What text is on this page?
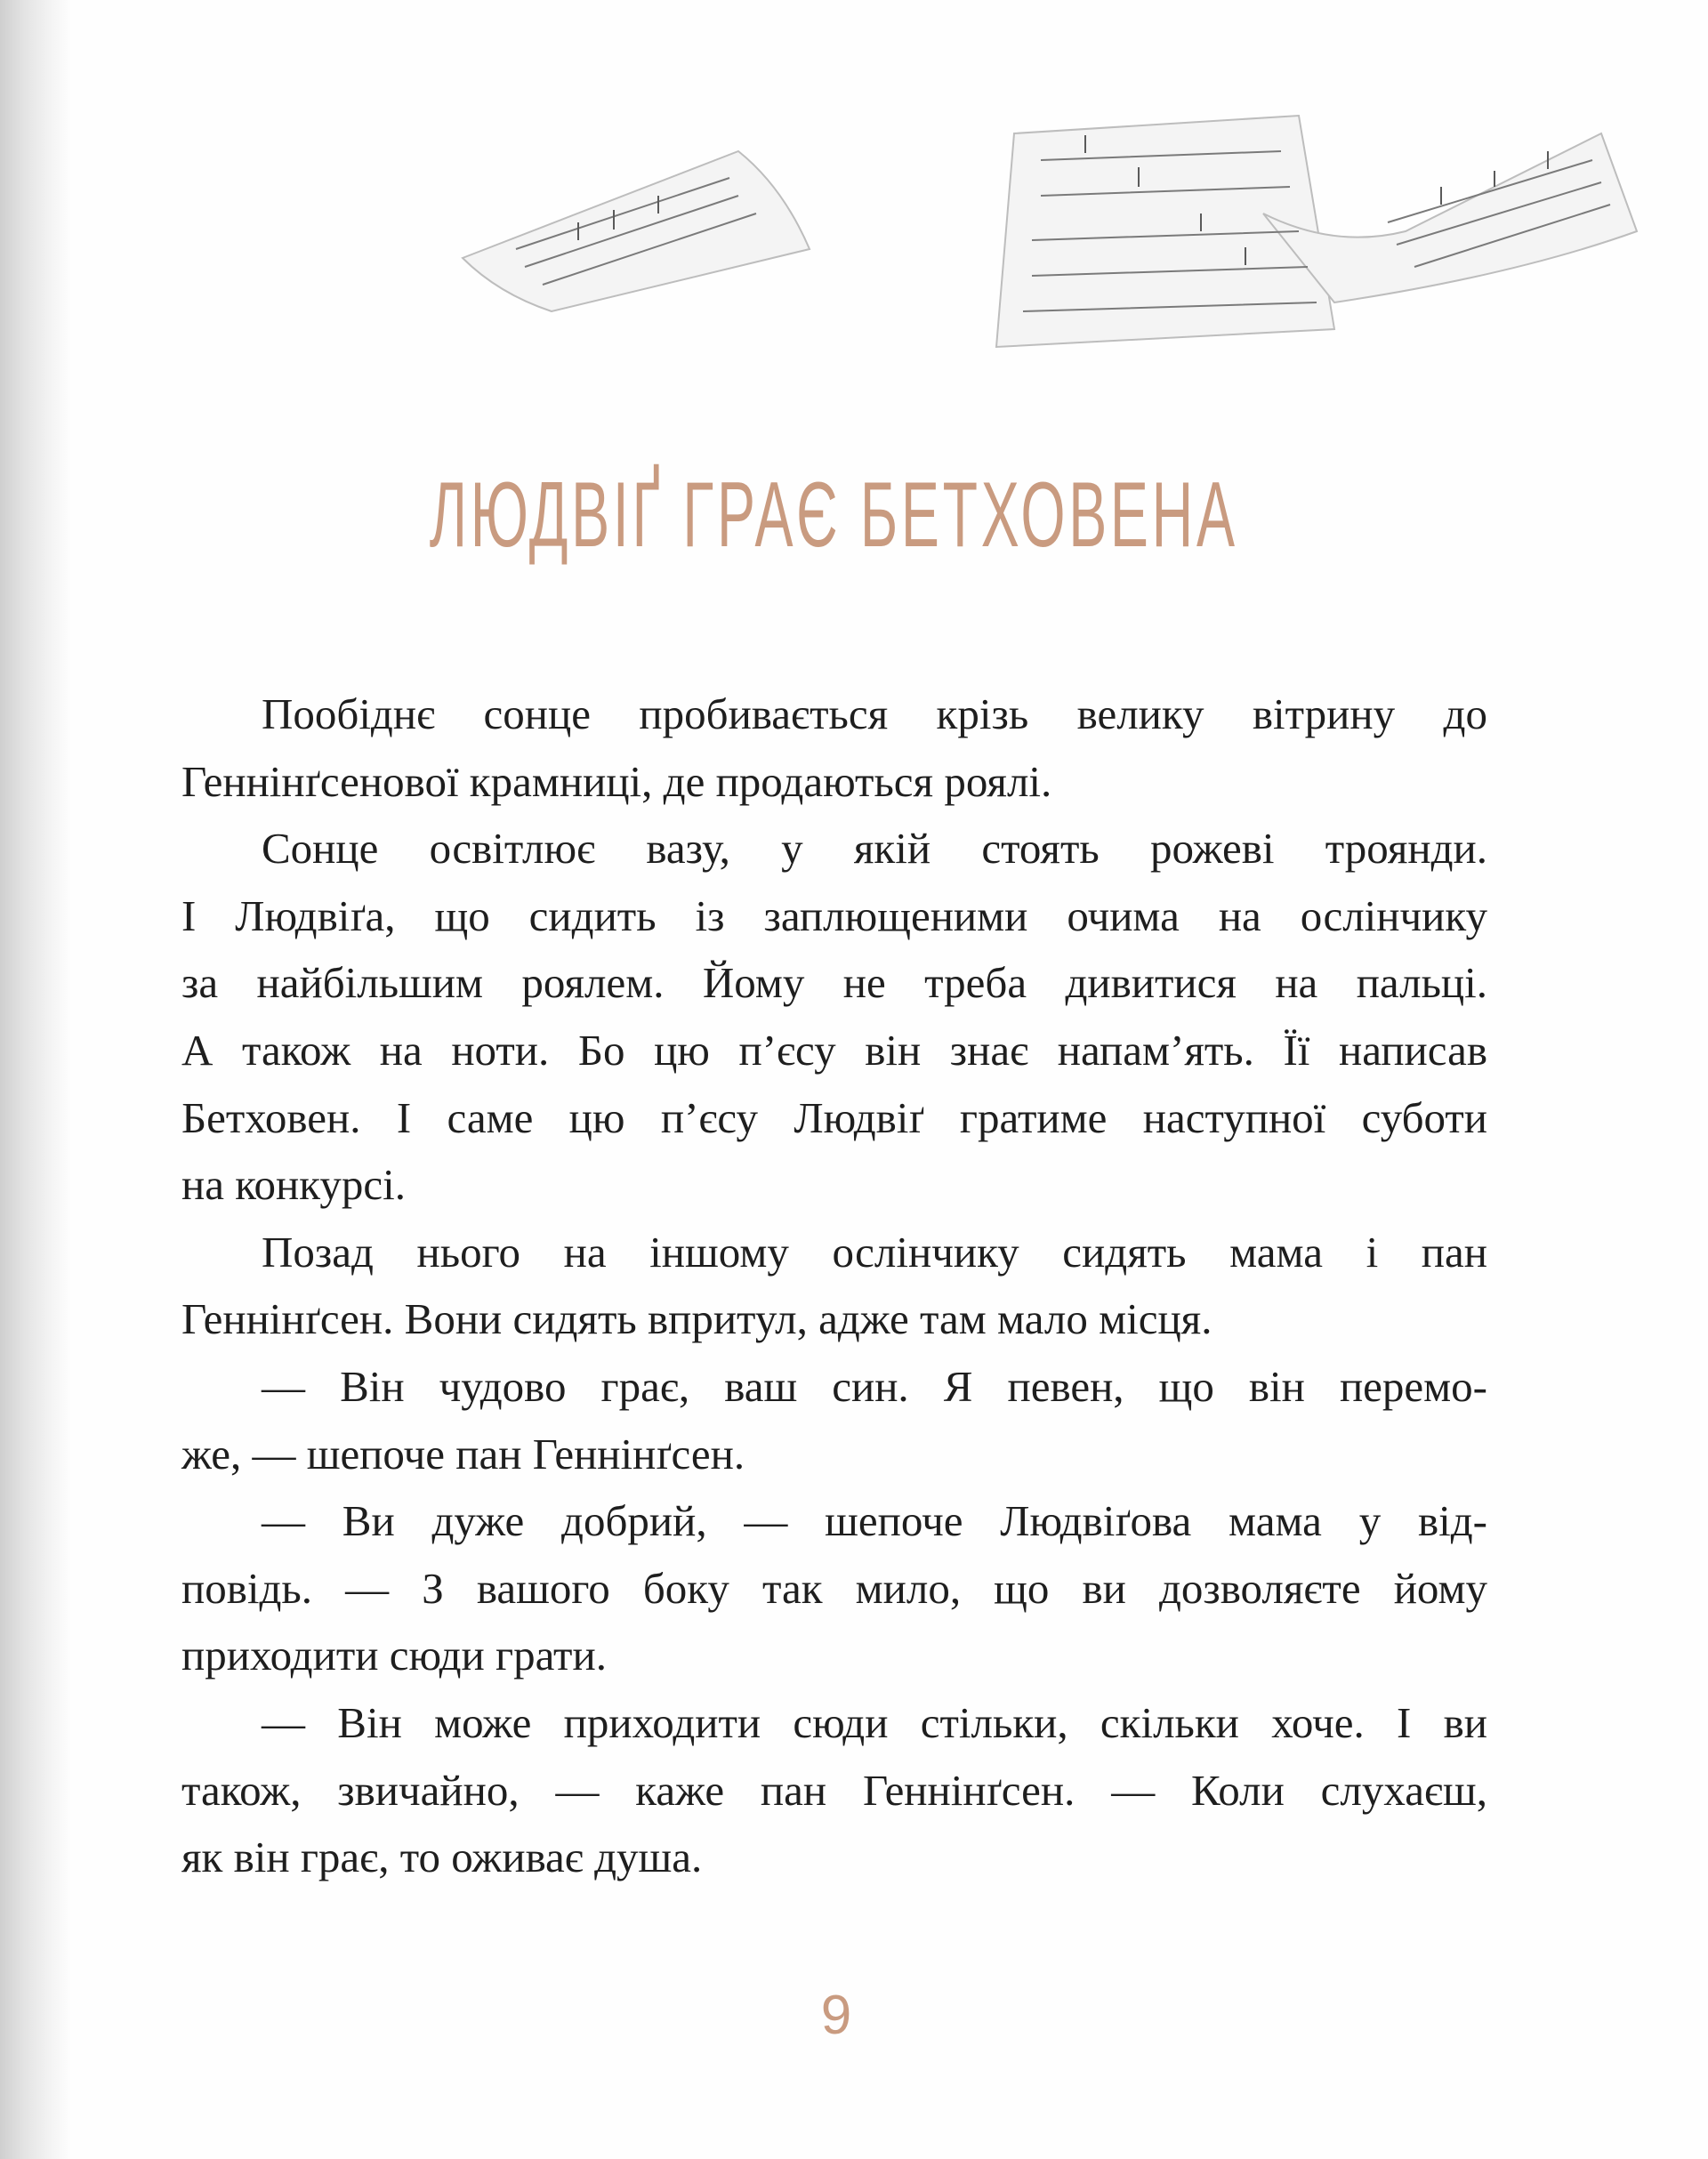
ЛЮДВІҐ ГРАЄ БЕТХОВЕНА
Пообіднє сонце пробивається крізь велику вітрину до
Геннінґсенової крамниці, де продаються роялі.
Сонце освітлює вазу, у якій стоять рожеві троянди.
І Людвіґа, що сидить із заплющеними очима на ослінчику
за найбільшим роялем. Йому не треба дивитися на пальці.
А також на ноти. Бо цю п’єсу він знає напам’ять. Її написав
Бетховен. І саме цю п’єсу Людвіґ гратиме наступної суботи
на конкурсі.
Позад нього на іншому ослінчику сидять мама і пан
Геннінґсен. Вони сидять впритул, адже там мало місця.
— Він чудово грає, ваш син. Я певен, що він перемо-
же, — шепоче пан Геннінґсен.
— Ви дуже добрий, — шепоче Людвіґова мама у від-
повідь. — З вашого боку так мило, що ви дозволяєте йому
приходити сюди грати.
— Він може приходити сюди стільки, скільки хоче. І ви
також, звичайно, — каже пан Геннінґсен. — Коли слухаєш,
як він грає, то оживає душа.
9
